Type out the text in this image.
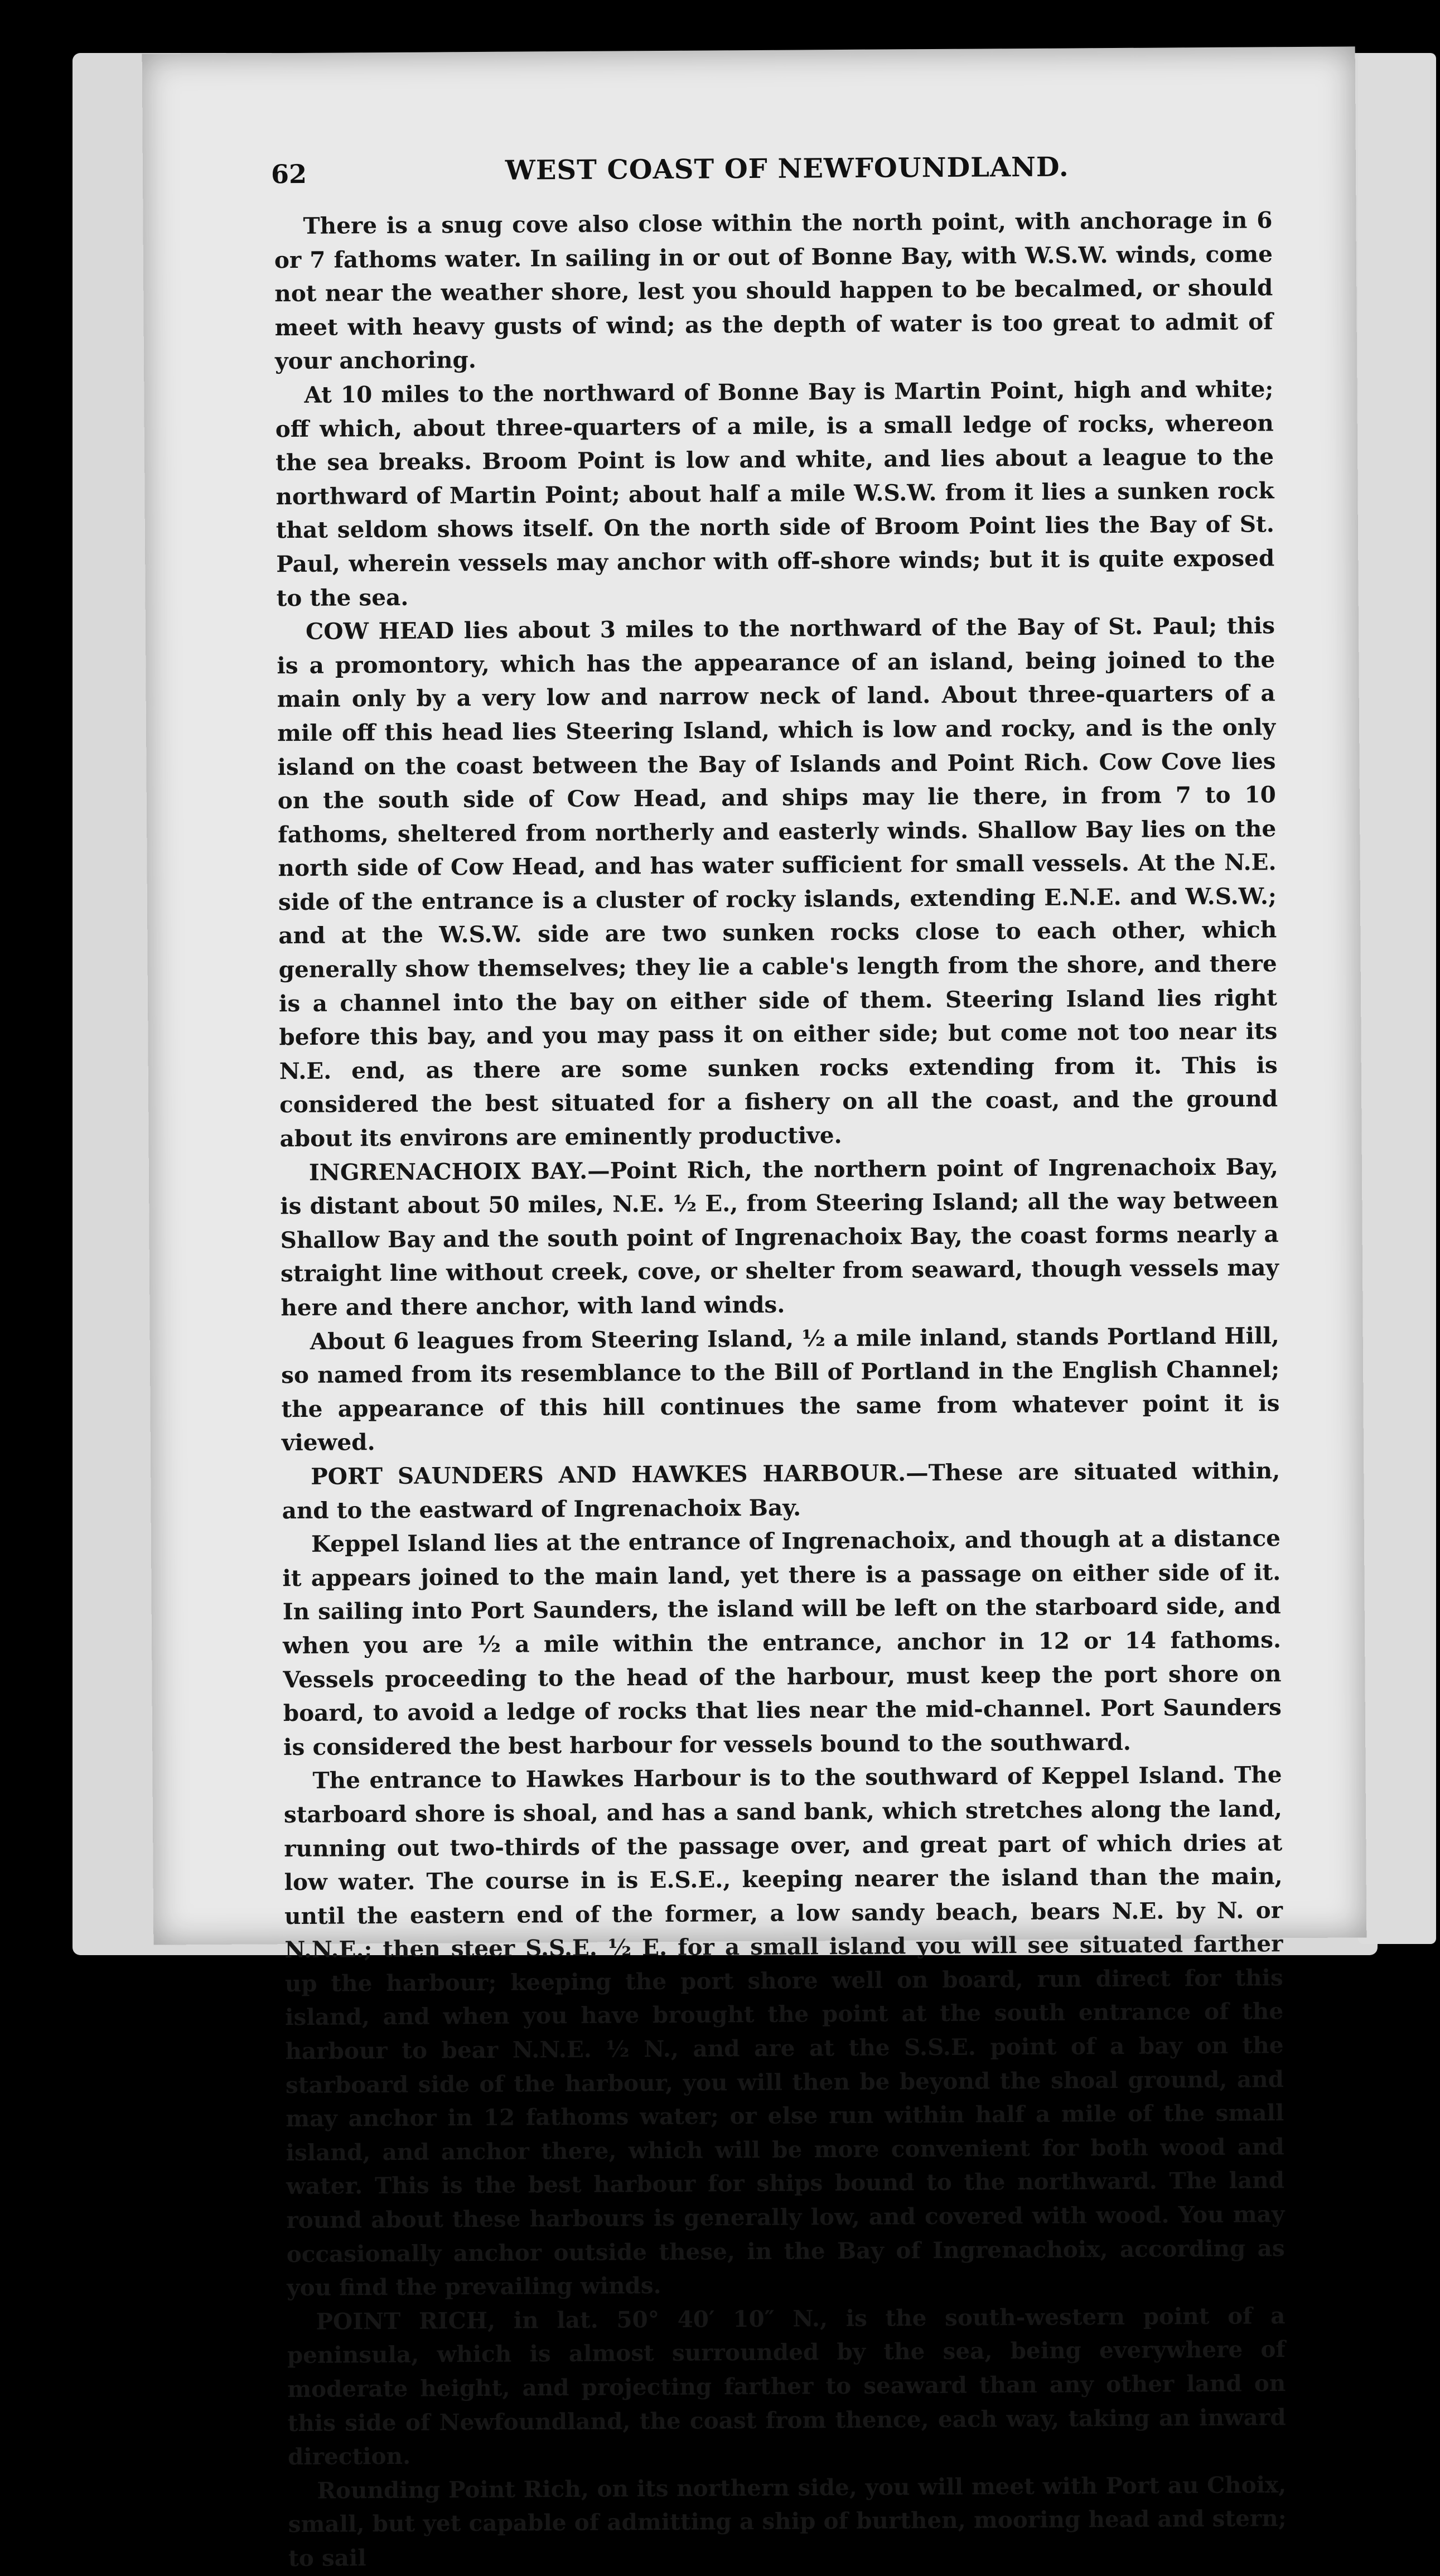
62	WEST COAST OF NEWFOUNDLAND.

There is a snug cove also close within the north point, with anchorage in 6 or 7 fathoms water. In sailing in or out of Bonne Bay, with W.S.W. winds, come not near the weather shore, lest you should happen to be becalmed, or should meet with heavy gusts of wind; as the depth of water is too great to admit of your anchoring.

At 10 miles to the northward of Bonne Bay is Martin Point, high and white; off which, about three-quarters of a mile, is a small ledge of rocks, whereon the sea breaks. Broom Point is low and white, and lies about a league to the northward of Martin Point; about half a mile W.S.W. from it lies a sunken rock that seldom shows itself. On the north side of Broom Point lies the Bay of St. Paul, wherein vessels may anchor with off-shore winds; but it is quite exposed to the sea.

COW HEAD lies about 3 miles to the northward of the Bay of St. Paul; this is a promontory, which has the appearance of an island, being joined to the main only by a very low and narrow neck of land. About three-quarters of a mile off this head lies Steering Island, which is low and rocky, and is the only island on the coast between the Bay of Islands and Point Rich. Cow Cove lies on the south side of Cow Head, and ships may lie there, in from 7 to 10 fathoms, sheltered from northerly and easterly winds. Shallow Bay lies on the north side of Cow Head, and has water sufficient for small vessels. At the N.E. side of the entrance is a cluster of rocky islands, extending E.N.E. and W.S.W.; and at the W.S.W. side are two sunken rocks close to each other, which generally show themselves; they lie a cable's length from the shore, and there is a channel into the bay on either side of them. Steering Island lies right before this bay, and you may pass it on either side; but come not too near its N.E. end, as there are some sunken rocks extending from it. This is considered the best situated for a fishery on all the coast, and the ground about its environs are eminently productive.

INGRENACHOIX BAY.—Point Rich, the northern point of Ingrenachoix Bay, is distant about 50 miles, N.E. ½ E., from Steering Island; all the way between Shallow Bay and the south point of Ingrenachoix Bay, the coast forms nearly a straight line without creek, cove, or shelter from seaward, though vessels may here and there anchor, with land winds.

About 6 leagues from Steering Island, ½ a mile inland, stands Portland Hill, so named from its resemblance to the Bill of Portland in the English Channel; the appearance of this hill continues the same from whatever point it is viewed.

PORT SAUNDERS AND HAWKES HARBOUR.—These are situated within, and to the eastward of Ingrenachoix Bay.

Keppel Island lies at the entrance of Ingrenachoix, and though at a distance it appears joined to the main land, yet there is a passage on either side of it. In sailing into Port Saunders, the island will be left on the starboard side, and when you are ½ a mile within the entrance, anchor in 12 or 14 fathoms. Vessels proceeding to the head of the harbour, must keep the port shore on board, to avoid a ledge of rocks that lies near the mid-channel. Port Saunders is considered the best harbour for vessels bound to the southward.

The entrance to Hawkes Harbour is to the southward of Keppel Island. The starboard shore is shoal, and has a sand bank, which stretches along the land, running out two-thirds of the passage over, and great part of which dries at low water. The course in is E.S.E., keeping nearer the island than the main, until the eastern end of the former, a low sandy beach, bears N.E. by N. or N.N.E.; then steer S.S.E. ½ E. for a small island you will see situated farther up the harbour; keeping the port shore well on board, run direct for this island, and when you have brought the point at the south entrance of the harbour to bear N.N.E. ½ N., and are at the S.S.E. point of a bay on the starboard side of the harbour, you will then be beyond the shoal ground, and may anchor in 12 fathoms water; or else run within half a mile of the small island, and anchor there, which will be more convenient for both wood and water. This is the best harbour for ships bound to the northward. The land round about these harbours is generally low, and covered with wood. You may occasionally anchor outside these, in the Bay of Ingrenachoix, according as you find the prevailing winds.

POINT RICH, in lat. 50° 40′ 10″ N., is the south-western point of a peninsula, which is almost surrounded by the sea, being everywhere of moderate height, and projecting farther to seaward than any other land on this side of Newfoundland, the coast from thence, each way, taking an inward direction.

Rounding Point Rich, on its northern side, you will meet with Port au Choix, small, but yet capable of admitting a ship of burthen, mooring head and stern; to sail
